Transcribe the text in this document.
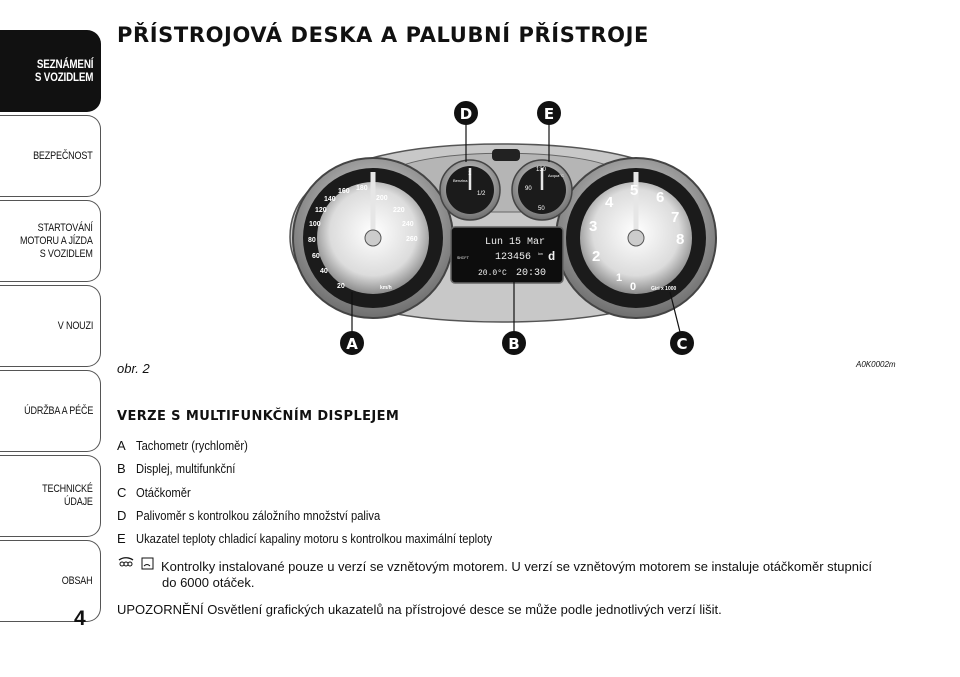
SEZNÁMENÍ
S VOZIDLEM
BEZPEČNOST
STARTOVÁNÍ
MOTORU A JÍZDA
S VOZIDLEM
V NOUZI
ÚDRŽBA A PÉČE
TECHNICKÉ
ÚDAJE
OBSAH
4
PŘÍSTROJOVÁ DESKA A PALUBNÍ PŘÍSTROJE
20
40
60
80
100
120
140
160 180
200
220
240
260
km/h
1
2
3
4
5 6
7
8
0	Giri x 1000
1
1/2
Benzina
130
90
50
Acqua°C
Lun 15 Mar
123456 km d
20.0°C 20:30
SHIFT
A	B	C
D	E
obr. 2	A0K0002m
VERZE S MULTIFUNKČNÍM DISPLEJEM
A Tachometr (rychloměr)
B Displej, multifunkční
C Otáčkoměr
D Palivoměr s kontrolkou záložního množství paliva
E Ukazatel teploty chladicí kapaliny motoru s kontrolkou maximální teploty
Kontrolky instalované pouze u verzí se vznětovým motorem. U verzí se vznětovým motorem se instaluje otáčkoměr stupnicí
do 6000 otáček.
UPOZORNĚNÍ Osvětlení grafických ukazatelů na přístrojové desce se může podle jednotlivých verzí lišit.
